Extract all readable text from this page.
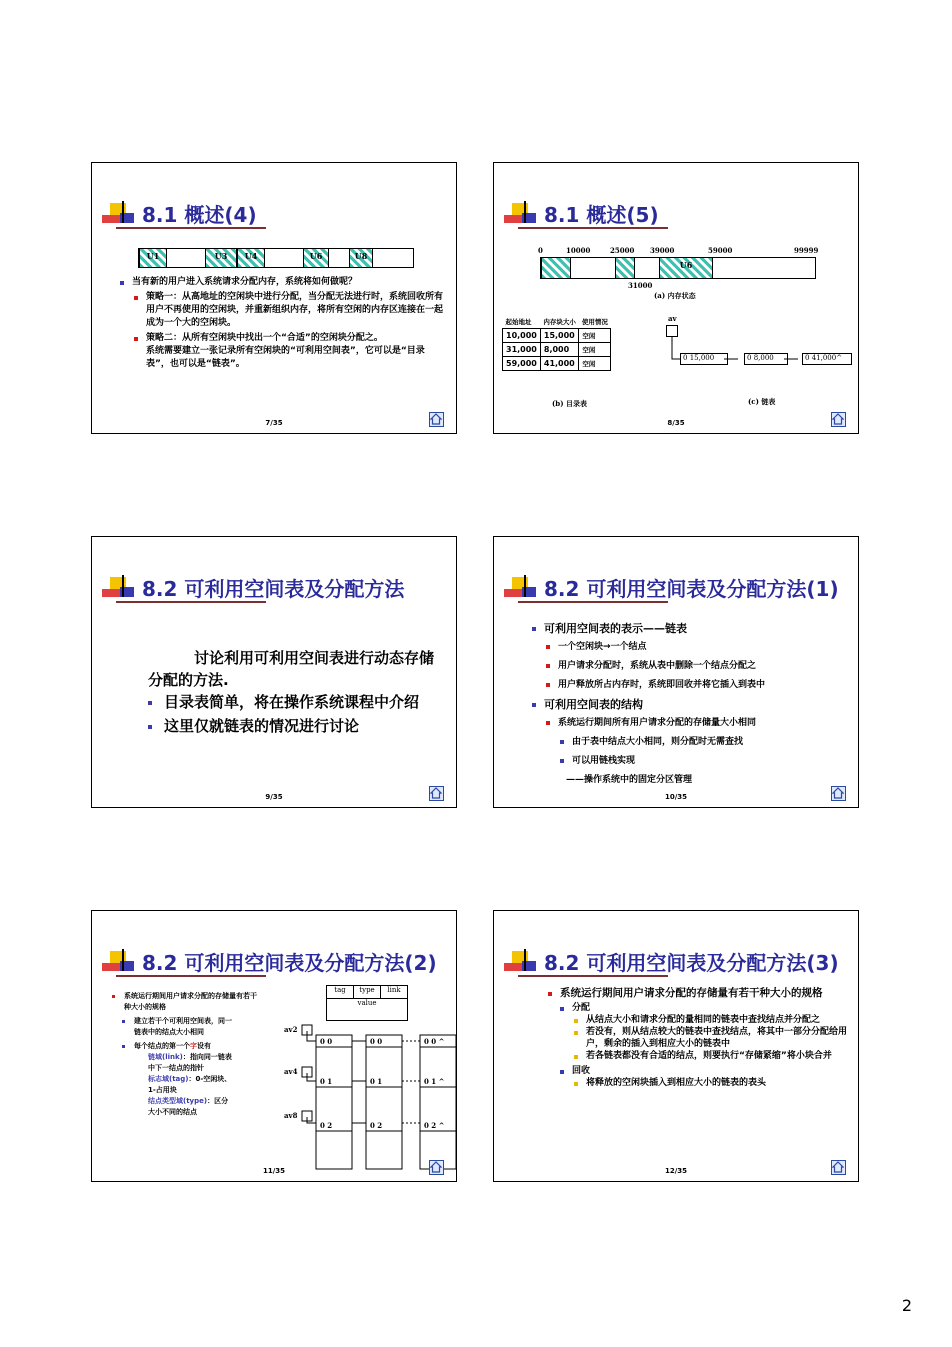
8.1 概述(4)
U1	U3	U4	U6	U8
当有新的用户进入系统请求分配内存，系统将如何做呢？
策略一：从高地址的空闲块中进行分配，当分配无法进行时，系统回收所有用户不再使用的空闲块，并重新组织内存，将所有空闲的内存区连接在一起成为一个大的空闲块。
策略二：从所有空闲块中找出一个“合适”的空闲块分配之。
系统需要建立一张记录所有空闲块的“可利用空间表”，它可以是“目录表”，也可以是“链表”。
7/35
8.1 概述(5)
0	10000	25000 39000	59000	99999
U6
31000
(a) 内存状态
起始地址	内存块大小	使用情况
10,000	15,000	空闲
31,000	8,000	空闲
59,000	41,000	空闲
(b) 目录表
av
0 15,000	0 8,000	0 41,000^
(c) 链表
8/35
8.2 可利用空间表及分配方法
讨论利用可利用空间表进行动态存储分配的方法.
目录表简单，将在操作系统课程中介绍
这里仅就链表的情况进行讨论
9/35
8.2 可利用空间表及分配方法(1)
可利用空间表的表示——链表
一个空闲块→一个结点
用户请求分配时，系统从表中删除一个结点分配之
用户释放所占内存时，系统即回收并将它插入到表中
可利用空间表的结构
系统运行期间所有用户请求分配的存储量大小相同
由于表中结点大小相同，则分配时无需查找
可以用链栈实现
——操作系统中的固定分区管理
10/35
8.2 可利用空间表及分配方法(2)
系统运行期间用户请求分配的存储量有若干种大小的规格
建立若干个可利用空间表，同一链表中的结点大小相同
每个结点的第一个字设有
链域(link)：指向同一链表中下一结点的指针
标志域(tag)：0-空闲块、1-占用块
结点类型域(type)：区分大小不同的结点
tag	type	link
value
av2
av4
av8
0 0	0 0	0 0 ^
0 1	0 1	0 1 ^
0 2	0 2	0 2 ^
11/35
8.2 可利用空间表及分配方法(3)
系统运行期间用户请求分配的存储量有若干种大小的规格
分配
从结点大小和请求分配的量相同的链表中查找结点并分配之
若没有，则从结点较大的链表中查找结点，将其中一部分分配给用户，剩余的插入到相应大小的链表中
若各链表都没有合适的结点，则要执行“存储紧缩”将小块合并
回收
将释放的空闲块插入到相应大小的链表的表头
12/35
2
